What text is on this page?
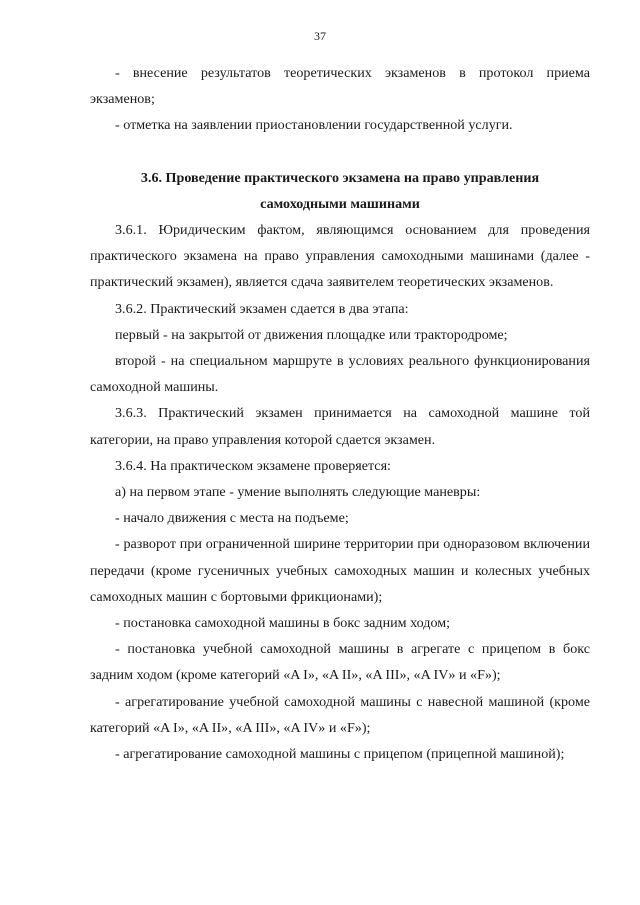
37

- внесение результатов теоретических экзаменов в протокол приема экзаменов;

- отметка на заявлении приостановлении государственной услуги.

3.6. Проведение практического экзамена на право управления

самоходными машинами

3.6.1. Юридическим фактом, являющимся основанием для проведения практического экзамена на право управления самоходными машинами (далее - практический экзамен), является сдача заявителем теоретических экзаменов.

3.6.2. Практический экзамен сдается в два этапа:

первый - на закрытой от движения площадке или трактородроме;

второй - на специальном маршруте в условиях реального функционирования самоходной машины.

3.6.3. Практический экзамен принимается на самоходной машине той категории, на право управления которой сдается экзамен.

3.6.4. На практическом экзамене проверяется:

а) на первом этапе - умение выполнять следующие маневры:

- начало движения с места на подъеме;

- разворот при ограниченной ширине территории при одноразовом включении передачи (кроме гусеничных учебных самоходных машин и колесных учебных самоходных машин с бортовыми фрикционами);

- постановка самоходной машины в бокс задним ходом;

- постановка учебной самоходной машины в агрегате с прицепом в бокс задним ходом (кроме категорий «A I», «A II», «A III», «A IV» и «F»);

- агрегатирование учебной самоходной машины с навесной машиной (кроме категорий «A I», «A II», «A III», «A IV» и «F»);

- агрегатирование самоходной машины с прицепом (прицепной машиной);
